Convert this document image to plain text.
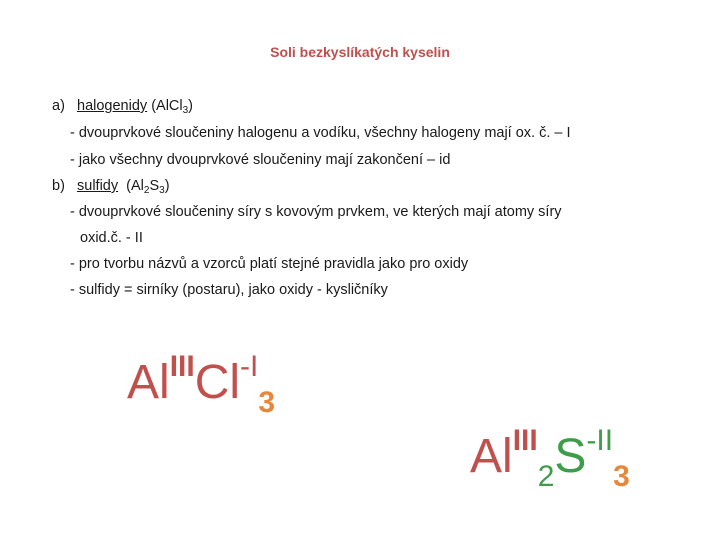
Soli bezkyslíkatých kyselin
a) halogenidy (AlCl$_3$)
- dvouprvkové sloučeniny halogenu a vodíku, všechny halogeny mají ox. č. – I
- jako všechny dvouprvkové sloučeniny mají zakončení – id
b) sulfidy $(Al_2S_3)$
- dvouprvkové sloučeniny síry s kovovým prvkem, ve kterých mají atomy síry
oxid.č. - II
- pro tvorbu názvů a vzorců platí stejné pravidla jako pro oxidy
- sulfidy = sirníky (postaru), jako oxidy - kysličníky
$Al^{III}Cl^{-I}_3$
$Al^{III}_2S^{-II}_3$
